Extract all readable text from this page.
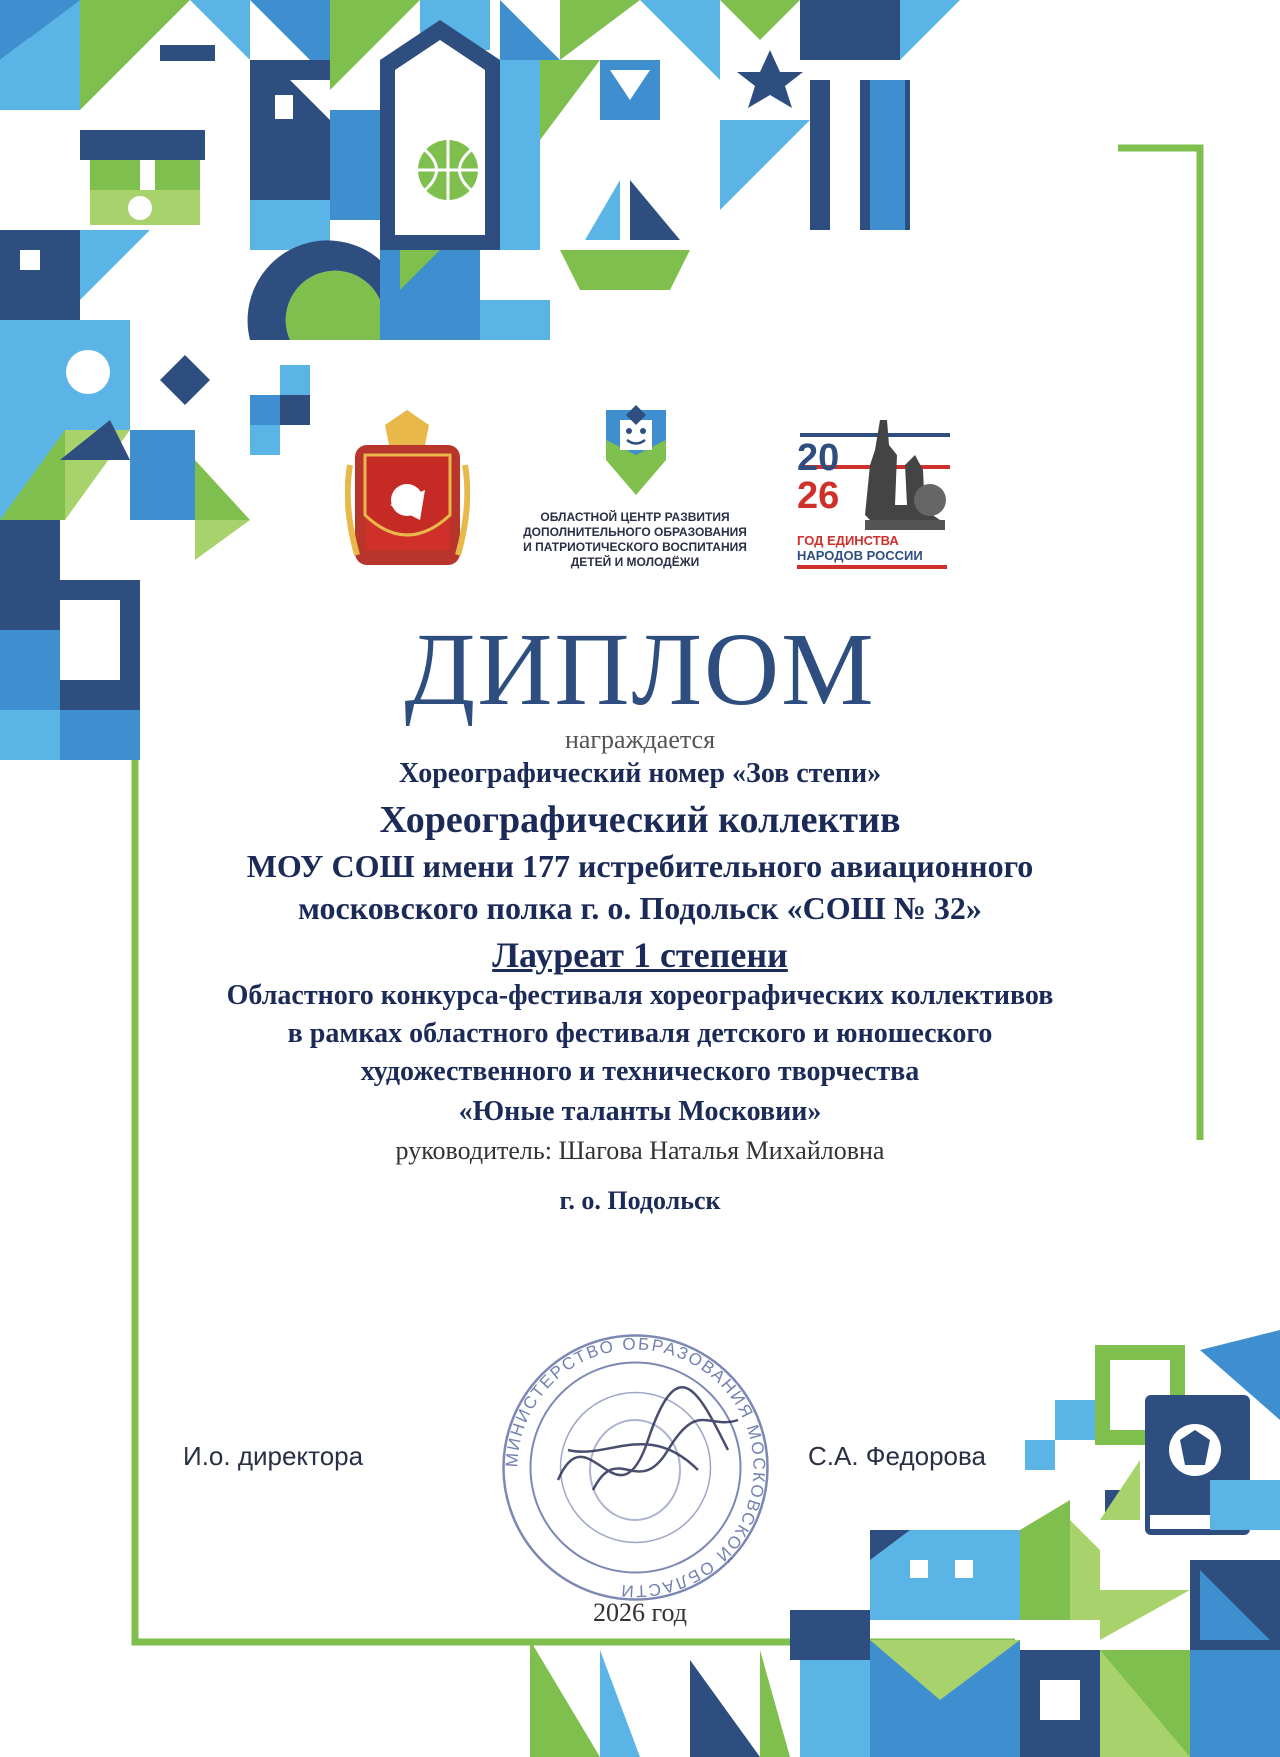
ОБЛАСТНОЙ ЦЕНТР РАЗВИТИЯ
ДОПОЛНИТЕЛЬНОГО ОБРАЗОВАНИЯ
И ПАТРИОТИЧЕСКОГО ВОСПИТАНИЯ
ДЕТЕЙ И МОЛОДЁЖИ
20
26
ГОД ЕДИНСТВА
НАРОДОВ РОССИИ
ДИПЛОМ
награждается
Хореографический номер «Зов степи»
Хореографический коллектив
МОУ СОШ имени 177 истребительного авиационного
московского полка г. о. Подольск «СОШ № 32»
Лауреат 1 степени
Областного конкурса-фестиваля хореографических коллективов
в рамках областного фестиваля детского и юношеского
художественного и технического творчества
«Юные таланты Московии»
руководитель: Шагова Наталья Михайловна
г. о. Подольск
И.о. директора	С.А. Федорова
МИНИСТЕРСТВО ОБРАЗОВАНИЯ МОСКОВСКОЙ ОБЛАСТИ
2026 год
